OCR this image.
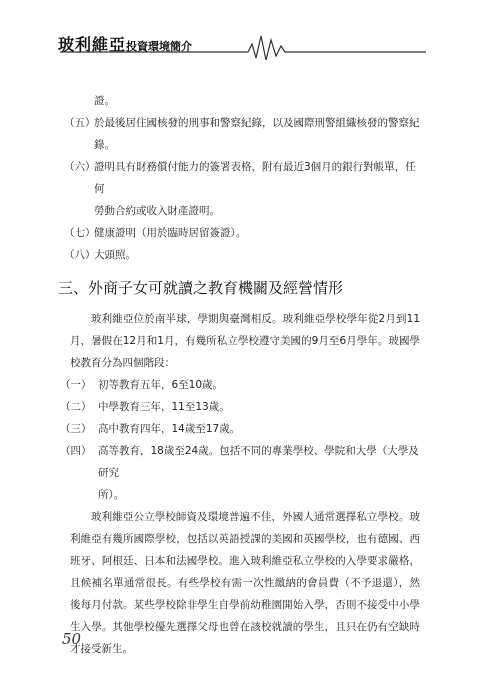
玻利維亞投資環境簡介
證。
（五）
於最後居住國核發的刑事和警察紀錄，以及國際刑警組織核發的警察紀
錄。
（六）
證明具有財務償付能力的簽署表格，附有最近3個月的銀行對帳單，任何
勞動合約或收入財產證明。
（七）
健康證明（用於臨時居留簽證）。
（八）
大頭照。
三、外商子女可就讀之教育機關及經營情形

玻利維亞位於南半球，學期與臺灣相反。玻利維亞學校學年從2月到11月，暑假在12月和1月，有幾所私立學校遵守美國的9月至6月學年。玻國學校教育分為四個階段：

（一） 初等教育五年，6至10歲。
（二） 中學教育三年，11至13歲。
（三） 高中教育四年，14歲至17歲。
（四） 高等教育，18歲至24歲。包括不同的專業學校、學院和大學（大學及研究
所）。

玻利維亞公立學校師資及環境普遍不佳，外國人通常選擇私立學校。玻利維亞有幾所國際學校，包括以英語授課的美國和英國學校，也有德國、西班牙、阿根廷、日本和法國學校。進入玻利維亞私立學校的入學要求嚴格，且候補名單通常很長。有些學校有需一次性繳納的會員費（不予退還），然後每月付款。某些學校除非學生自學前幼稚園開始入學，否則不接受中小學生入學。其他學校優先選擇父母也曾在該校就讀的學生，且只在仍有空缺時才接受新生。

50
